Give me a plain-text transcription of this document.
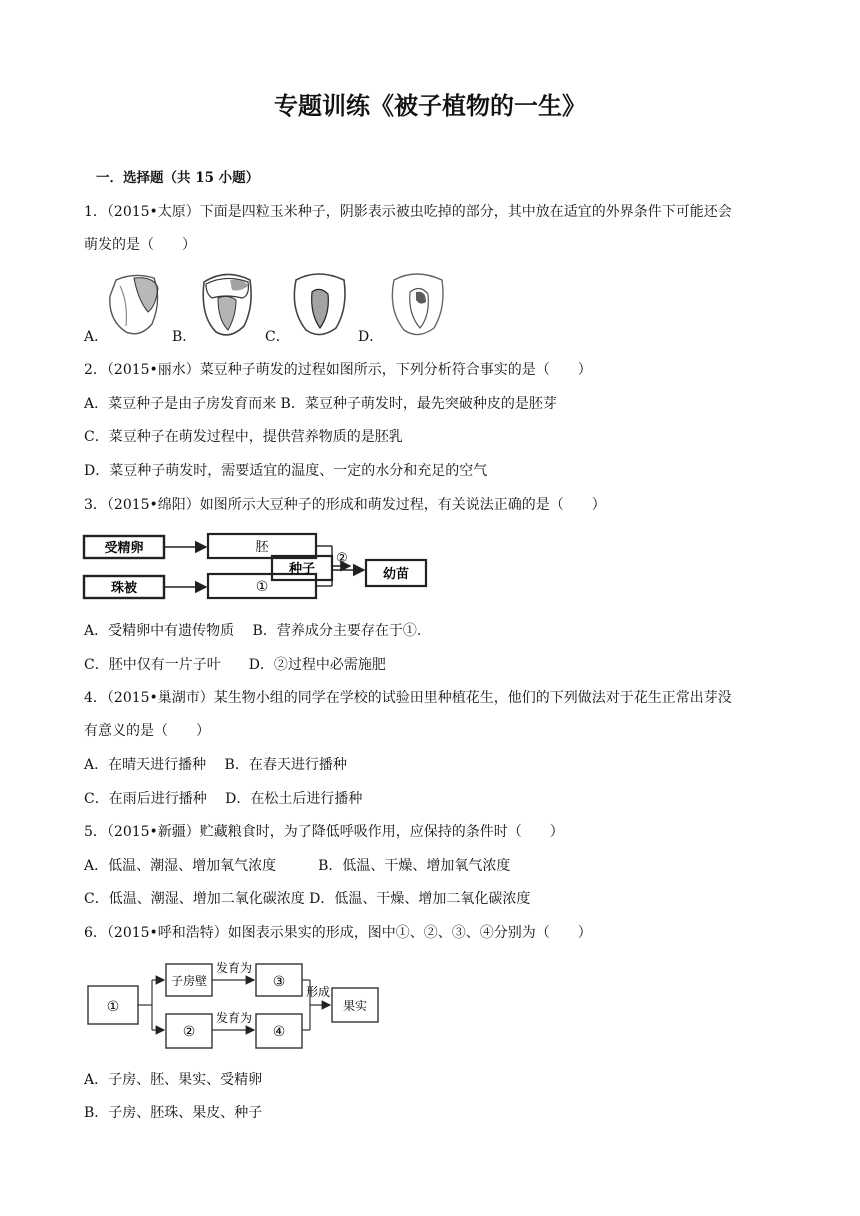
专题训练《被子植物的一生》
一．选择题（共 15 小题）
1．（2015•太原）下面是四粒玉米种子，阴影表示被虫吃掉的部分，其中放在适宜的外界条件下可能还会
萌发的是（　　）
A．	B．	C．	D．
2．（2015•丽水）菜豆种子萌发的过程如图所示，下列分析符合事实的是（　　）
A．菜豆种子是由子房发育而来 B．菜豆种子萌发时，最先突破种皮的是胚芽
C．菜豆种子在萌发过程中，提供营养物质的是胚乳
D．菜豆种子萌发时，需要适宜的温度、一定的水分和充足的空气
3．（2015•绵阳）如图所示大豆种子的形成和萌发过程，有关说法正确的是（　　）
受精卵
珠被
胚
①
种子
②
幼苗
A．受精卵中有遗传物质　 B．营养成分主要存在于①.
C．胚中仅有一片子叶　　D．②过程中必需施肥
4．（2015•巢湖市）某生物小组的同学在学校的试验田里种植花生，他们的下列做法对于花生正常出芽没
有意义的是（　　）
A．在晴天进行播种　 B．在春天进行播种
C．在雨后进行播种　 D．在松土后进行播种
5．（2015•新疆）贮藏粮食时，为了降低呼吸作用，应保持的条件时（　　）
A．低温、潮湿、增加氧气浓度　　　B．低温、干燥、增加氧气浓度
C．低温、潮湿、增加二氧化碳浓度 D．低温、干燥、增加二氧化碳浓度
6．（2015•呼和浩特）如图表示果实的形成，图中①、②、③、④分别为（　　）
①
子房壁
②
发育为
发育为
③
④
形成
果实
A．子房、胚、果实、受精卵
B．子房、胚珠、果皮、种子
